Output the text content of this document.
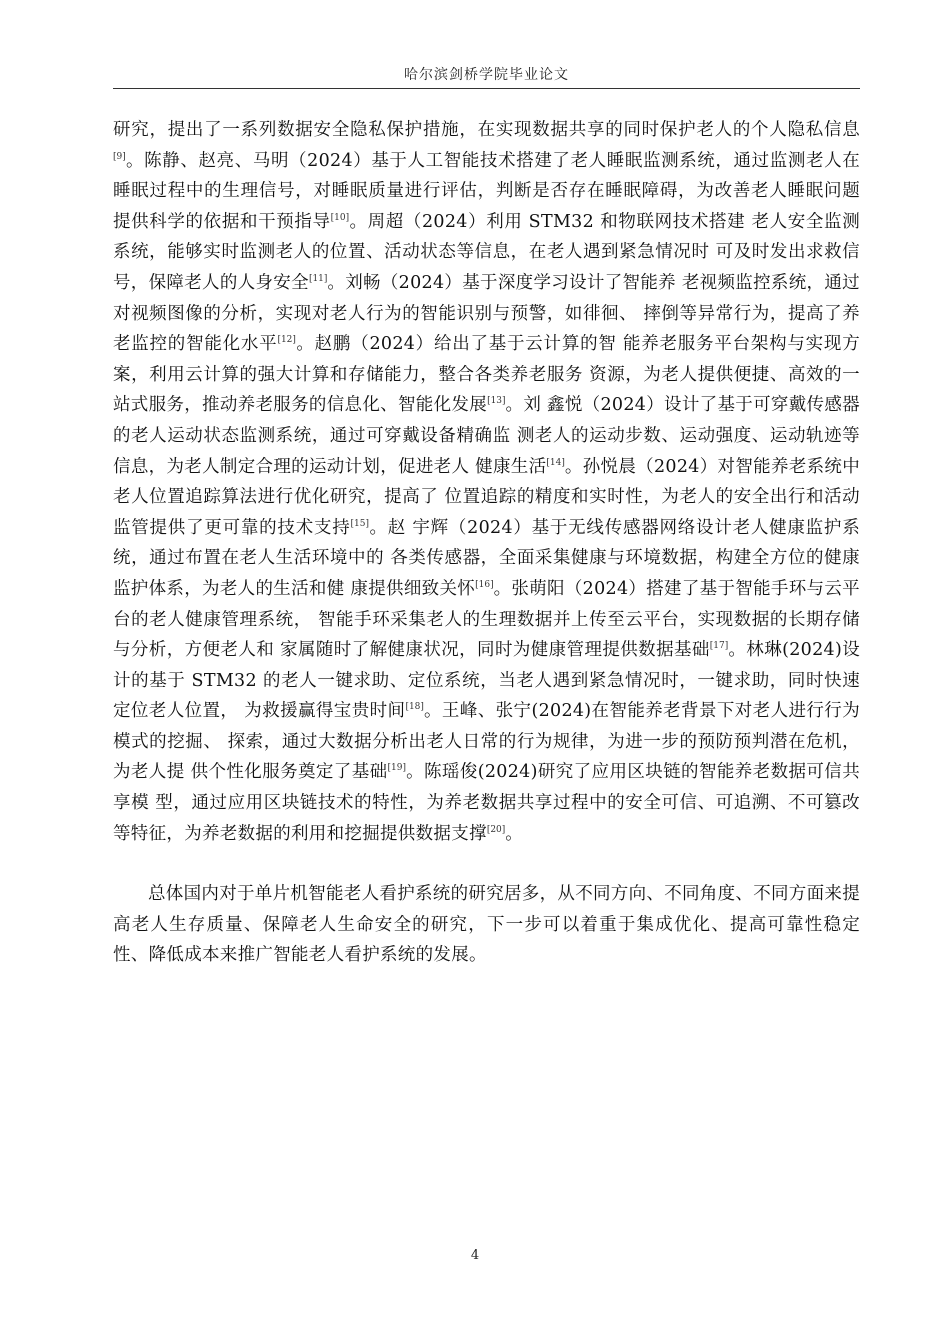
哈尔滨剑桥学院毕业论文

研究，提出了一系列数据安全隐私保护措施，在实现数据共享的同时保护老人的个人隐私信息[9]。陈静、赵亮、马明（2024）基于人工智能技术搭建了老人睡眠监测系统，通过监测老人在睡眠过程中的生理信号，对睡眠质量进行评估，判断是否存在睡眠障碍，为改善老人睡眠问题提供科学的依据和干预指导[10]。周超（2024）利用 STM32 和物联网技术搭建 老人安全监测系统，能够实时监测老人的位置、活动状态等信息，在老人遇到紧急情况时 可及时发出求救信号，保障老人的人身安全[11]。刘畅（2024）基于深度学习设计了智能养 老视频监控系统，通过对视频图像的分析，实现对老人行为的智能识别与预警，如徘徊、 摔倒等异常行为，提高了养老监控的智能化水平[12]。赵鹏（2024）给出了基于云计算的智 能养老服务平台架构与实现方案，利用云计算的强大计算和存储能力，整合各类养老服务 资源，为老人提供便捷、高效的一站式服务，推动养老服务的信息化、智能化发展[13]。刘 鑫悦（2024）设计了基于可穿戴传感器的老人运动状态监测系统，通过可穿戴设备精确监 测老人的运动步数、运动强度、运动轨迹等信息，为老人制定合理的运动计划，促进老人 健康生活[14]。孙悦晨（2024）对智能养老系统中老人位置追踪算法进行优化研究，提高了 位置追踪的精度和实时性，为老人的安全出行和活动监管提供了更可靠的技术支持[15]。赵 宇辉（2024）基于无线传感器网络设计老人健康监护系统，通过布置在老人生活环境中的 各类传感器，全面采集健康与环境数据，构建全方位的健康监护体系，为老人的生活和健 康提供细致关怀[16]。张萌阳（2024）搭建了基于智能手环与云平台的老人健康管理系统， 智能手环采集老人的生理数据并上传至云平台，实现数据的长期存储与分析，方便老人和 家属随时了解健康状况，同时为健康管理提供数据基础[17]。林琳(2024)设计的基于 STM32 的老人一键求助、定位系统，当老人遇到紧急情况时，一键求助，同时快速定位老人位置， 为救援赢得宝贵时间[18]。王峰、张宁(2024)在智能养老背景下对老人进行行为模式的挖掘、 探索，通过大数据分析出老人日常的行为规律，为进一步的预防预判潜在危机，为老人提 供个性化服务奠定了基础[19]。陈瑶俊(2024)研究了应用区块链的智能养老数据可信共享模 型，通过应用区块链技术的特性，为养老数据共享过程中的安全可信、可追溯、不可篡改 等特征，为养老数据的利用和挖掘提供数据支撑[20]。

总体国内对于单片机智能老人看护系统的研究居多，从不同方向、不同角度、不同方面来提高老人生存质量、保障老人生命安全的研究，下一步可以着重于集成优化、提高可靠性稳定性、降低成本来推广智能老人看护系统的发展。

4
